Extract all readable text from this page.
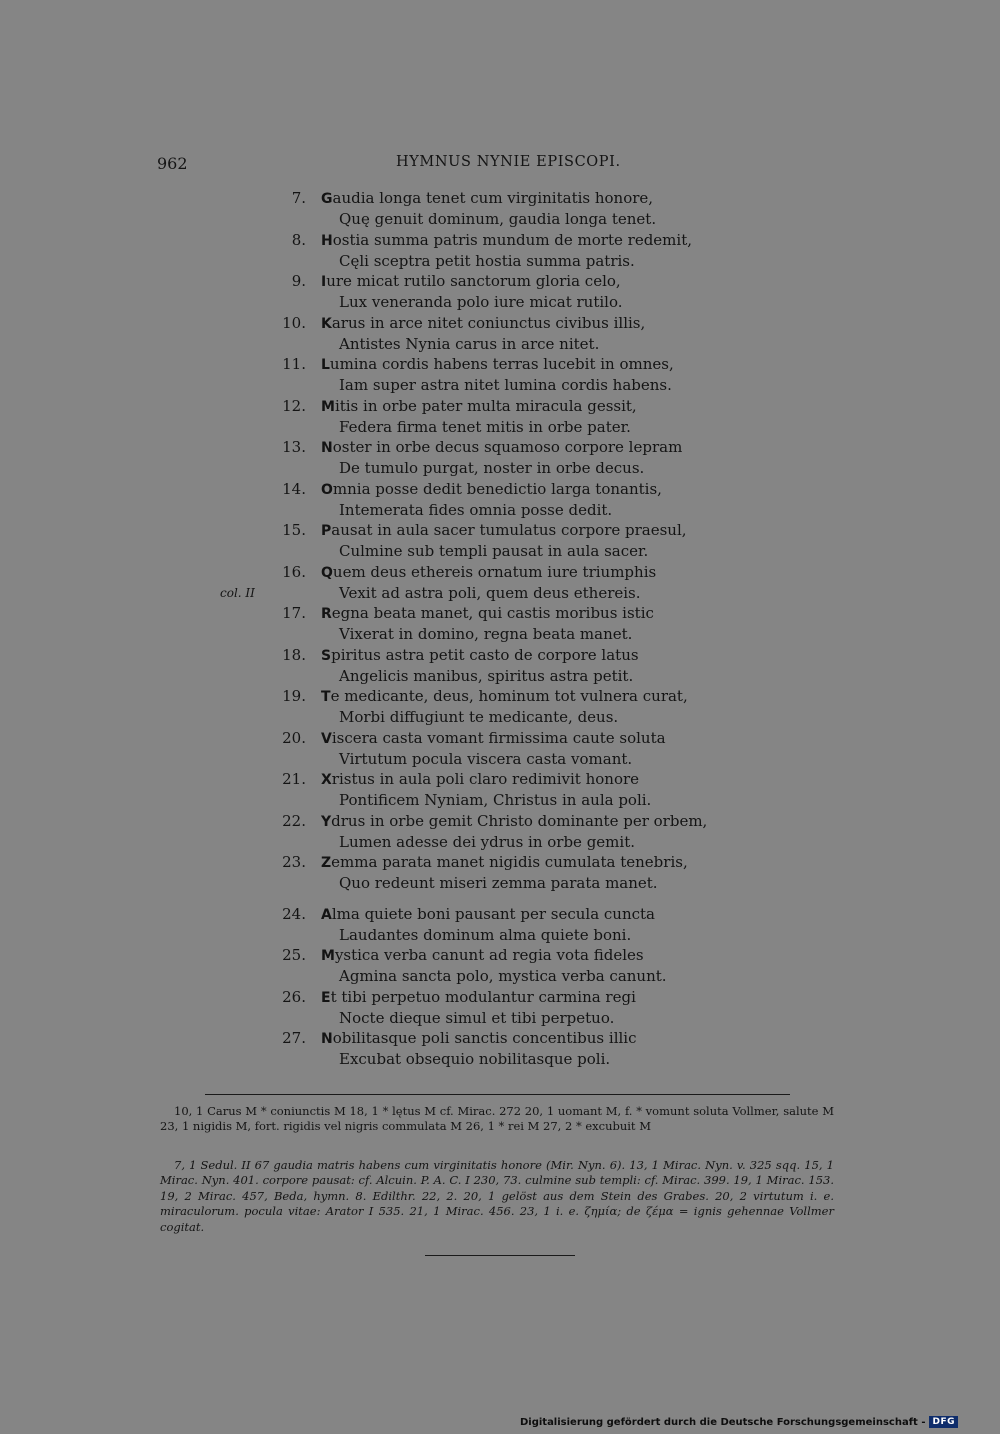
962	HYMNUS NYNIE EPISCOPI.
7. Gaudia longa tenet cum virginitatis honore,
Quę genuit dominum, gaudia longa tenet.
8. Hostia summa patris mundum de morte redemit,
Cęli sceptra petit hostia summa patris.
9. Iure micat rutilo sanctorum gloria celo,
Lux veneranda polo iure micat rutilo.
10. Karus in arce nitet coniunctus civibus illis,
Antistes Nynia carus in arce nitet.
11. Lumina cordis habens terras lucebit in omnes,
Iam super astra nitet lumina cordis habens.
12. Mitis in orbe pater multa miracula gessit,
Federa firma tenet mitis in orbe pater.
13. Noster in orbe decus squamoso corpore lepram
De tumulo purgat, noster in orbe decus.
14. Omnia posse dedit benedictio larga tonantis,
Intemerata fides omnia posse dedit.
15. Pausat in aula sacer tumulatus corpore praesul,
Culmine sub templi pausat in aula sacer.
16. Quem deus ethereis ornatum iure triumphis
Vexit ad astra poli, quem deus ethereis.
col. II
17. Regna beata manet, qui castis moribus istic
Vixerat in domino, regna beata manet.
18. Spiritus astra petit casto de corpore latus
Angelicis manibus, spiritus astra petit.
19. Te medicante, deus, hominum tot vulnera curat,
Morbi diffugiunt te medicante, deus.
20. Viscera casta vomant firmissima caute soluta
Virtutum pocula viscera casta vomant.
21. Xristus in aula poli claro redimivit honore
Pontificem Nyniam, Christus in aula poli.
22. Ydrus in orbe gemit Christo dominante per orbem,
Lumen adesse dei ydrus in orbe gemit.
23. Zemma parata manet nigidis cumulata tenebris,
Quo redeunt miseri zemma parata manet.
24. Alma quiete boni pausant per secula cuncta
Laudantes dominum alma quiete boni.
25. Mystica verba canunt ad regia vota fideles
Agmina sancta polo, mystica verba canunt.
26. Et tibi perpetuo modulantur carmina regi
Nocte dieque simul et tibi perpetuo.
27. Nobilitasque poli sanctis concentibus illic
Excubat obsequio nobilitasque poli.

10, 1 Carus M * coniunctis M 18, 1 * lętus M cf. Mirac. 272 20, 1 uomant M, f. * vomunt soluta Vollmer, salute M 23, 1 nigidis M, fort. rigidis vel nigris commulata M 26, 1 * rei M 27, 2 * excubuit M

7, 1 Sedul. II 67 gaudia matris habens cum virginitatis honore (Mir. Nyn. 6). 13, 1 Mirac. Nyn. v. 325 sqq. 15, 1 Mirac. Nyn. 401. corpore pausat: cf. Alcuin. P. A. C. I 230, 73. culmine sub templi: cf. Mirac. 399. 19, 1 Mirac. 153. 19, 2 Mirac. 457, Beda, hymn. 8. Edilthr. 22, 2. 20, 1 gelöst aus dem Stein des Grabes. 20, 2 virtutum i. e. miraculorum. pocula vitae: Arator I 535. 21, 1 Mirac. 456. 23, 1 i. e. ζημία; de ζέμα = ignis gehennae Vollmer cogitat.

Digitalisierung gefördert durch die Deutsche Forschungsgemeinschaft - DFG
